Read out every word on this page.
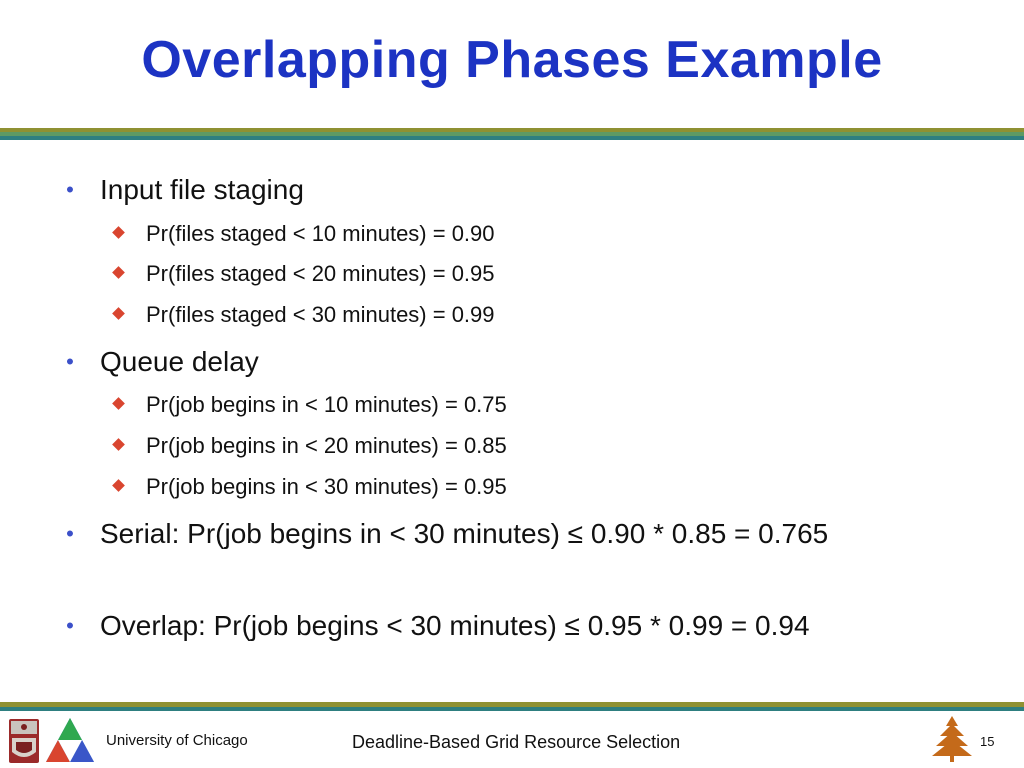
Overlapping Phases Example
• Input file staging
Pr(files staged < 10 minutes) = 0.90
Pr(files staged < 20 minutes) = 0.95
Pr(files staged < 30 minutes) = 0.99
• Queue delay
Pr(job begins in < 10 minutes) = 0.75
Pr(job begins in < 20 minutes) = 0.85
Pr(job begins in < 30 minutes) = 0.95
• Serial: Pr(job begins in < 30 minutes) ≤ 0.90 * 0.85 = 0.765
• Overlap: Pr(job begins < 30 minutes) ≤ 0.95 * 0.99 = 0.94
University of Chicago	Deadline-Based Grid Resource Selection	15
